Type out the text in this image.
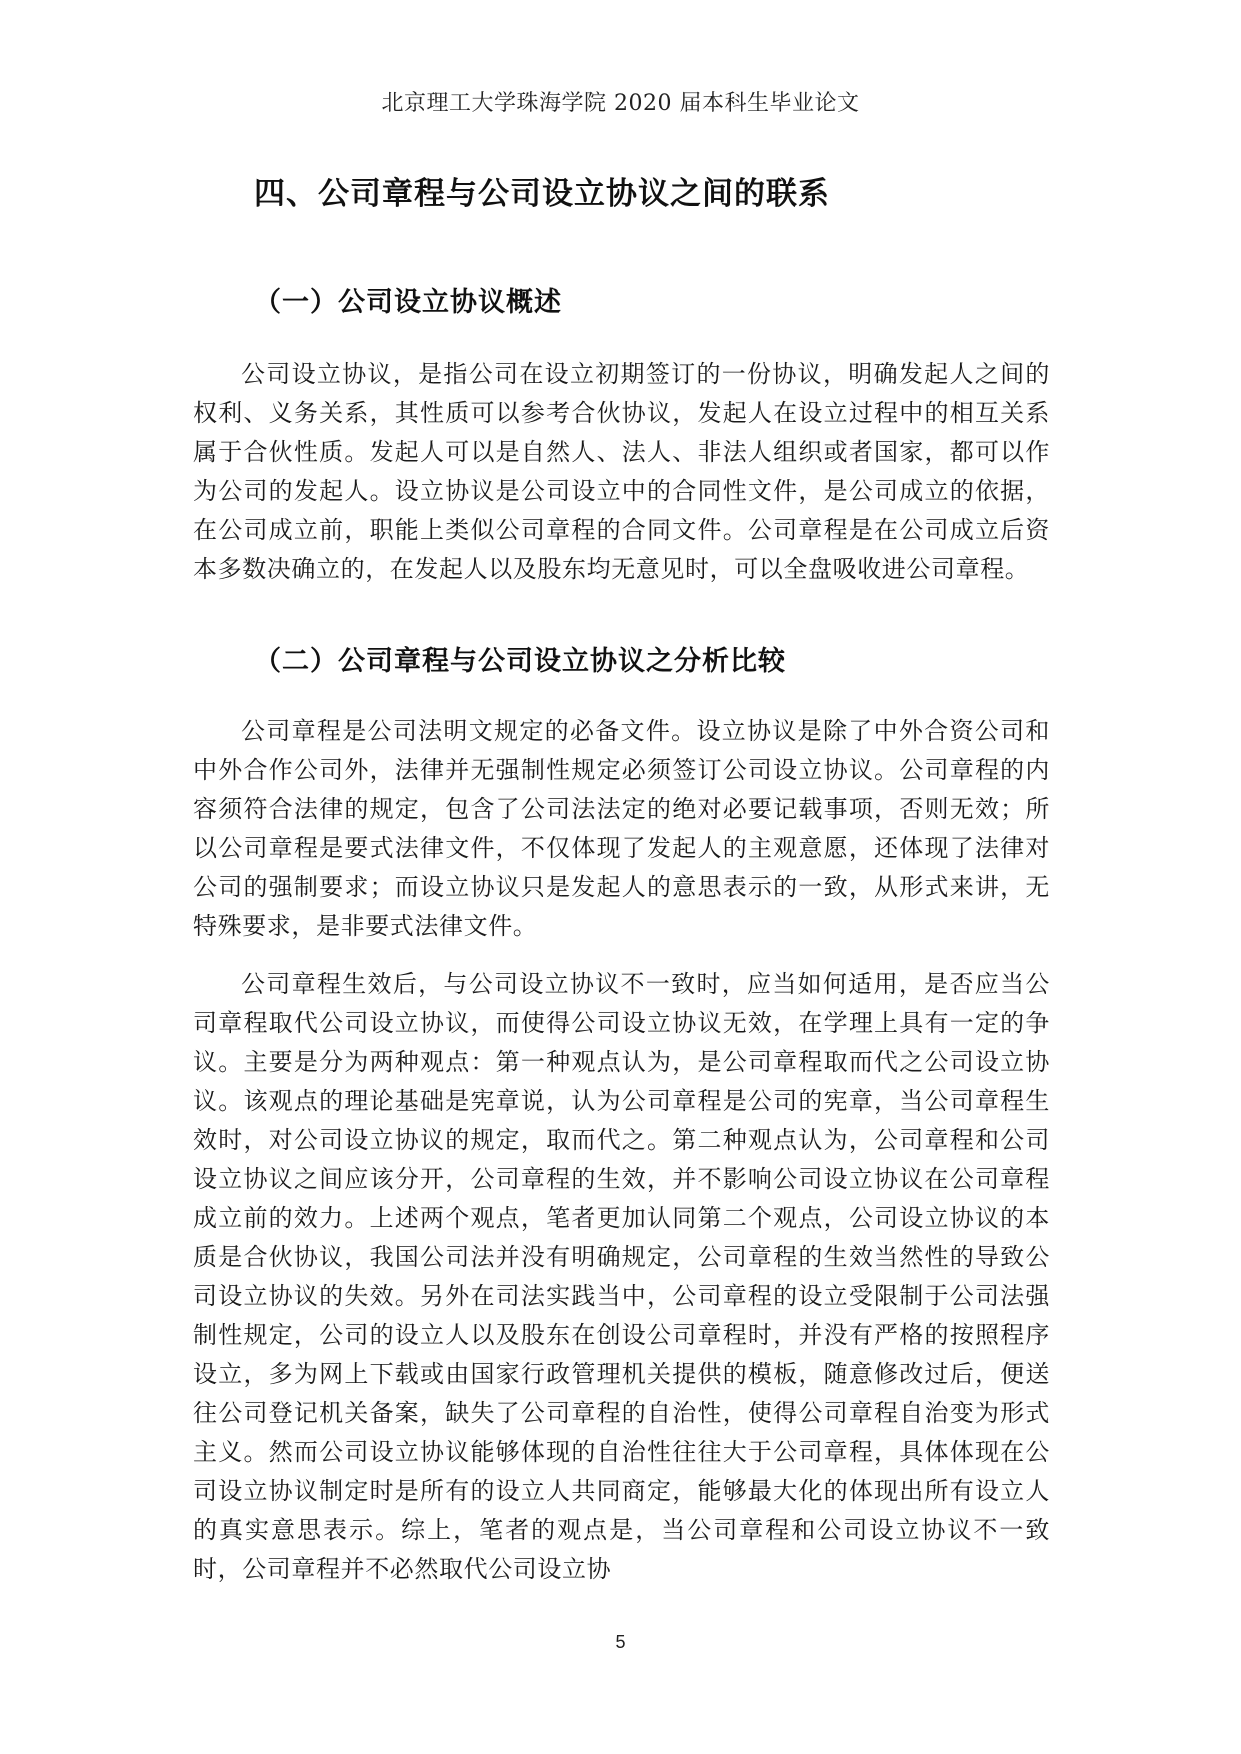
北京理工大学珠海学院 2020 届本科生毕业论文
四、公司章程与公司设立协议之间的联系
（一）公司设立协议概述

公司设立协议，是指公司在设立初期签订的一份协议，明确发起人之间的权利、义务关系，其性质可以参考合伙协议，发起人在设立过程中的相互关系属于合伙性质。发起人可以是自然人、法人、非法人组织或者国家，都可以作为公司的发起人。设立协议是公司设立中的合同性文件，是公司成立的依据，在公司成立前，职能上类似公司章程的合同文件。公司章程是在公司成立后资本多数决确立的，在发起人以及股东均无意见时，可以全盘吸收进公司章程。

（二）公司章程与公司设立协议之分析比较

公司章程是公司法明文规定的必备文件。设立协议是除了中外合资公司和中外合作公司外，法律并无强制性规定必须签订公司设立协议。公司章程的内容须符合法律的规定，包含了公司法法定的绝对必要记载事项，否则无效；所以公司章程是要式法律文件，不仅体现了发起人的主观意愿，还体现了法律对公司的强制要求；而设立协议只是发起人的意思表示的一致，从形式来讲，无特殊要求，是非要式法律文件。

公司章程生效后，与公司设立协议不一致时，应当如何适用，是否应当公司章程取代公司设立协议，而使得公司设立协议无效，在学理上具有一定的争议。主要是分为两种观点：第一种观点认为，是公司章程取而代之公司设立协议。该观点的理论基础是宪章说，认为公司章程是公司的宪章，当公司章程生效时，对公司设立协议的规定，取而代之。第二种观点认为，公司章程和公司设立协议之间应该分开，公司章程的生效，并不影响公司设立协议在公司章程成立前的效力。上述两个观点，笔者更加认同第二个观点，公司设立协议的本质是合伙协议，我国公司法并没有明确规定，公司章程的生效当然性的导致公司设立协议的失效。另外在司法实践当中，公司章程的设立受限制于公司法强制性规定，公司的设立人以及股东在创设公司章程时，并没有严格的按照程序设立，多为网上下载或由国家行政管理机关提供的模板，随意修改过后，便送往公司登记机关备案，缺失了公司章程的自治性，使得公司章程自治变为形式主义。然而公司设立协议能够体现的自治性往往大于公司章程，具体体现在公司设立协议制定时是所有的设立人共同商定，能够最大化的体现出所有设立人的真实意思表示。综上，笔者的观点是，当公司章程和公司设立协议不一致时，公司章程并不必然取代公司设立协

5
